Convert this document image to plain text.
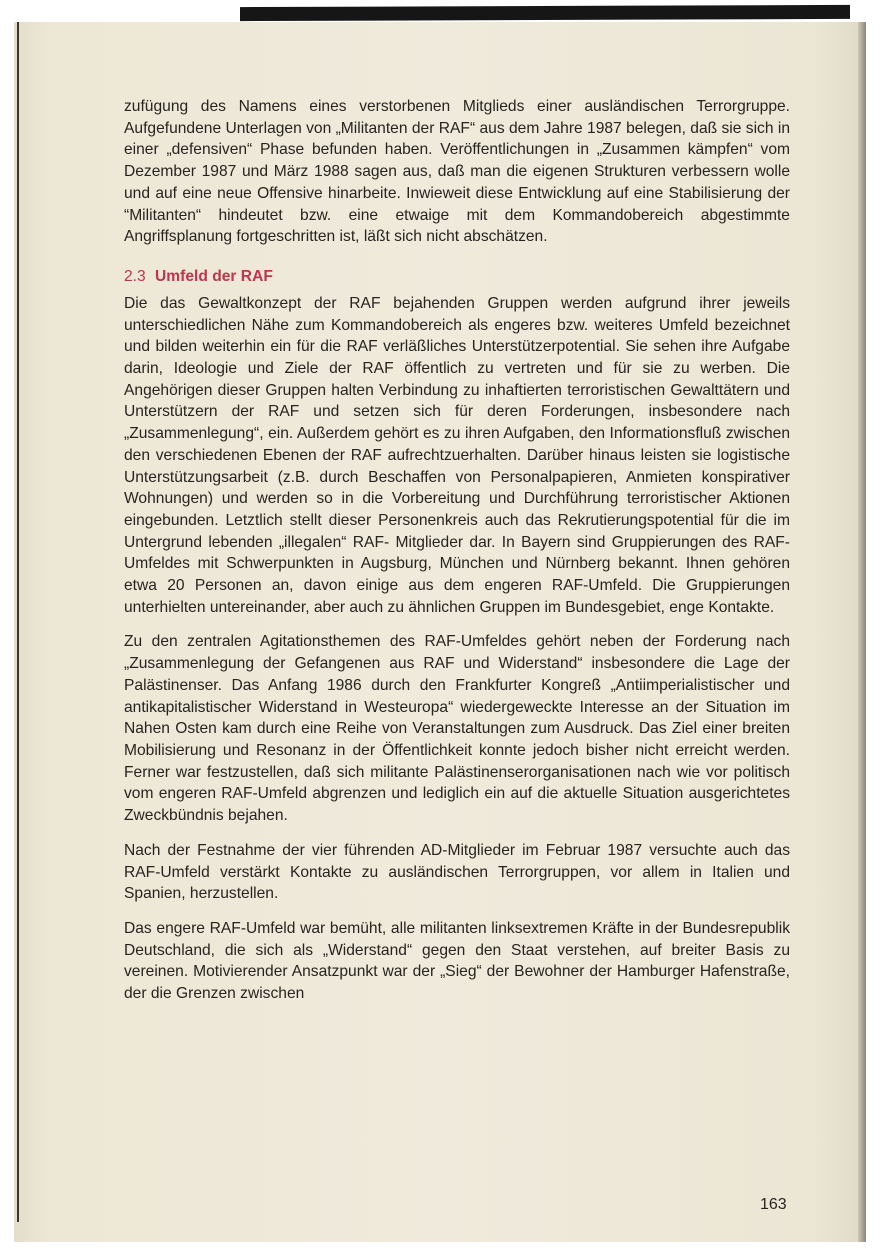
zufügung des Namens eines verstorbenen Mitglieds einer ausländischen Terrorgruppe. Aufgefundene Unterlagen von „Militanten der RAF“ aus dem Jahre 1987 belegen, daß sie sich in einer „defensiven“ Phase befunden haben. Veröffentlichungen in „Zusammen kämpfen“ vom Dezember 1987 und März 1988 sagen aus, daß man die eigenen Strukturen verbessern wolle und auf eine neue Offensive hinarbeite. Inwieweit diese Entwicklung auf eine Stabilisierung der “Militanten“ hindeutet bzw. eine etwaige mit dem Kommandobereich abgestimmte Angriffsplanung fortgeschritten ist, läßt sich nicht abschätzen.

2.3 Umfeld der RAF

Die das Gewaltkonzept der RAF bejahenden Gruppen werden aufgrund ihrer jeweils unterschiedlichen Nähe zum Kommandobereich als engeres bzw. weiteres Umfeld bezeichnet und bilden weiterhin ein für die RAF verläßliches Unterstützerpotential. Sie sehen ihre Aufgabe darin, Ideologie und Ziele der RAF öffentlich zu vertreten und für sie zu werben. Die Angehörigen dieser Gruppen halten Verbindung zu inhaftierten terroristischen Gewalttätern und Unterstützern der RAF und setzen sich für deren Forderungen, insbesondere nach „Zusammenlegung“, ein. Außerdem gehört es zu ihren Aufgaben, den Informationsfluß zwischen den verschiedenen Ebenen der RAF aufrechtzuerhalten. Darüber hinaus leisten sie logistische Unterstützungsarbeit (z.B. durch Beschaffen von Personalpapieren, Anmieten konspirativer Wohnungen) und werden so in die Vorbereitung und Durchführung terroristischer Aktionen eingebunden. Letztlich stellt dieser Personenkreis auch das Rekrutierungspotential für die im Untergrund lebenden „illegalen“ RAF- Mitglieder dar. In Bayern sind Gruppierungen des RAF-Umfeldes mit Schwerpunkten in Augsburg, München und Nürnberg bekannt. Ihnen gehören etwa 20 Personen an, davon einige aus dem engeren RAF-Umfeld. Die Gruppierungen unterhielten untereinander, aber auch zu ähnlichen Gruppen im Bundesgebiet, enge Kontakte.

Zu den zentralen Agitationsthemen des RAF-Umfeldes gehört neben der Forderung nach „Zusammenlegung der Gefangenen aus RAF und Widerstand“ insbesondere die Lage der Palästinenser. Das Anfang 1986 durch den Frankfurter Kongreß „Antiimperialistischer und antikapitalistischer Widerstand in Westeuropa“ wiedergeweckte Interesse an der Situation im Nahen Osten kam durch eine Reihe von Veranstaltungen zum Ausdruck. Das Ziel einer breiten Mobilisierung und Resonanz in der Öffentlichkeit konnte jedoch bisher nicht erreicht werden. Ferner war festzustellen, daß sich militante Palästinenserorganisationen nach wie vor politisch vom engeren RAF-Umfeld abgrenzen und lediglich ein auf die aktuelle Situation ausgerichtetes Zweckbündnis bejahen.

Nach der Festnahme der vier führenden AD-Mitglieder im Februar 1987 versuchte auch das RAF-Umfeld verstärkt Kontakte zu ausländischen Terrorgruppen, vor allem in Italien und Spanien, herzustellen.

Das engere RAF-Umfeld war bemüht, alle militanten linksextremen Kräfte in der Bundesrepublik Deutschland, die sich als „Widerstand“ gegen den Staat verstehen, auf breiter Basis zu vereinen. Motivierender Ansatzpunkt war der „Sieg“ der Bewohner der Hamburger Hafenstraße, der die Grenzen zwischen

163
